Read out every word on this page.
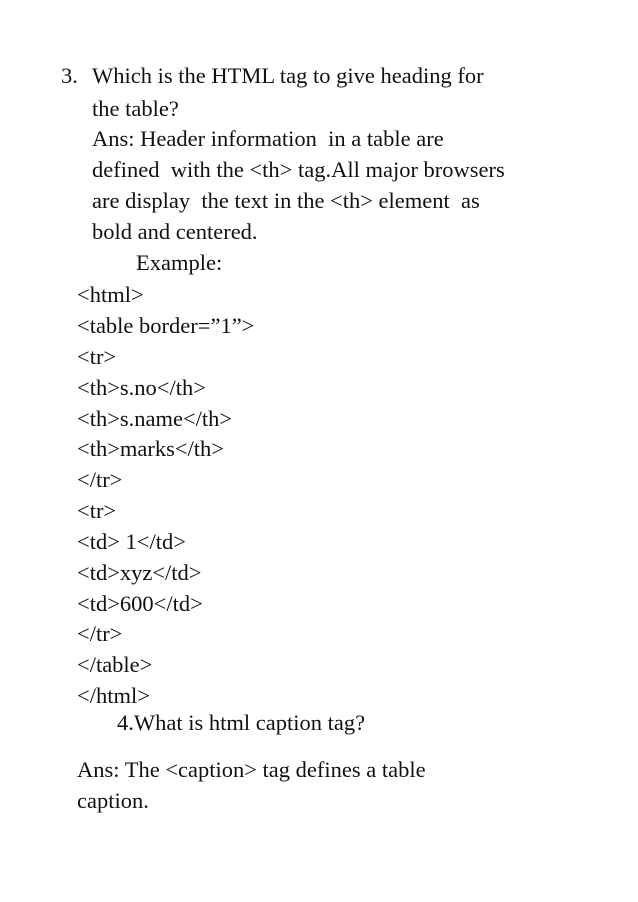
3. Which is the HTML tag to give heading for

the table?

Ans: Header information  in a table are

defined  with the <th> tag.All major browsers

are display  the text in the <th> element  as

bold and centered.

Example:

<html>

<table border=”1”>

<tr>

<th>s.no</th>

<th>s.name</th>

<th>marks</th>

</tr>

<tr>

<td> 1</td>

<td>xyz</td>

<td>600</td>

</tr>

</table>

</html>

4.What is html caption tag?

Ans: The <caption> tag defines a table

caption.
